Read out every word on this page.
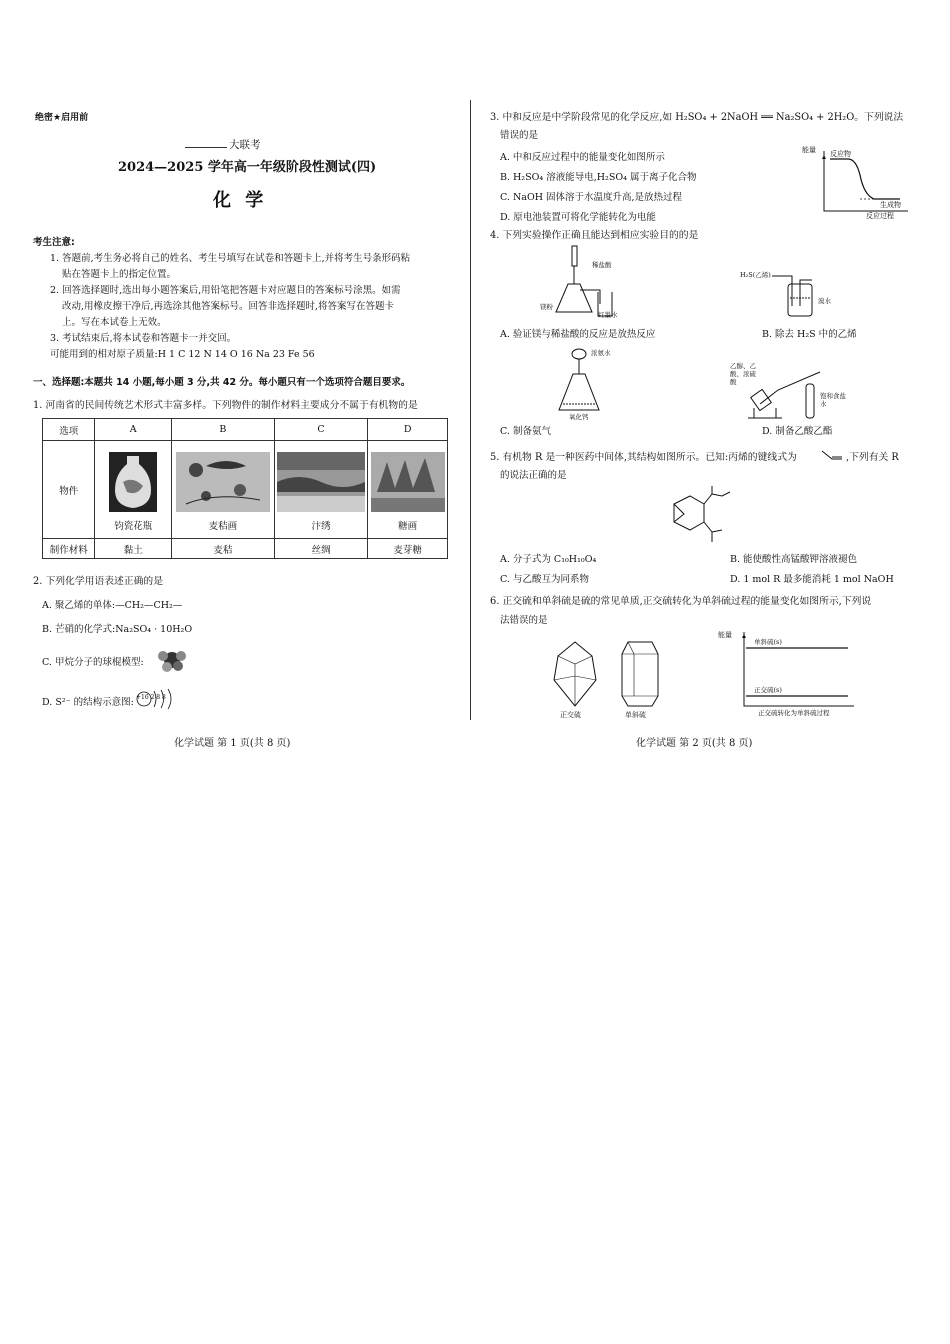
绝密★启用前
大联考
2024—2025 学年高一年级阶段性测试(四)
化 学
考生注意:
1. 答题前,考生务必将自己的姓名、考生号填写在试卷和答题卡上,并将考生号条形码粘
贴在答题卡上的指定位置。
2. 回答选择题时,选出每小题答案后,用铅笔把答题卡对应题目的答案标号涂黑。如需
改动,用橡皮擦干净后,再选涂其他答案标号。回答非选择题时,将答案写在答题卡
上。写在本试卷上无效。
3. 考试结束后,将本试卷和答题卡一并交回。
可能用到的相对原子质量:H 1 C 12 N 14 O 16 Na 23 Fe 56
一、选择题:本题共 14 小题,每小题 3 分,共 42 分。每小题只有一个选项符合题目要求。
1. 河南省的民间传统艺术形式丰富多样。下列物件的制作材料主要成分不属于有机物的是
选项	A	B	C	D
物件	钧瓷花瓶	麦秸画	汴绣	糖画

制作材料	黏土	麦秸	丝绸	麦芽糖
2. 下列化学用语表述正确的是
A. 聚乙烯的单体:—CH₂—CH₂—
B. 芒硝的化学式:Na₂SO₄ · 10H₂O
C. 甲烷分子的球棍模型:
D. S²⁻ 的结构示意图: +16 2 8 8
化学试题 第 1 页(共 8 页)
3. 中和反应是中学阶段常见的化学反应,如 H₂SO₄ + 2NaOH ══ Na₂SO₄ + 2H₂O。下列说法
错误的是
A. 中和反应过程中的能量变化如图所示
B. H₂SO₄ 溶液能导电,H₂SO₄ 属于离子化合物
C. NaOH 固体溶于水温度升高,是放热过程
D. 原电池装置可将化学能转化为电能
能量 反应物
生成物
反应过程
4. 下列实验操作正确且能达到相应实验目的的是
稀盐酸
镁粉
红墨水
H₂S(乙烯)
溴水
A. 验证镁与稀盐酸的反应是放热反应	B. 除去 H₂S 中的乙烯
浓氨水
氧化钙
乙醇、乙酸、浓硫酸
饱和食盐水
C. 制备氨气	D. 制备乙酸乙酯
5. 有机物 R 是一种医药中间体,其结构如图所示。已知:丙烯的键线式为	,下列有关 R
的说法正确的是
A. 分子式为 C₁₀H₁₀O₄	B. 能使酸性高锰酸钾溶液褪色
C. 与乙酸互为同系物	D. 1 mol R 最多能消耗 1 mol NaOH
6. 正交硫和单斜硫是硫的常见单质,正交硫转化为单斜硫过程的能量变化如图所示,下列说
法错误的是
正交硫	单斜硫
能量
单斜硫(s)
正交硫(s)
正交硫转化为单斜硫过程
化学试题 第 2 页(共 8 页)
